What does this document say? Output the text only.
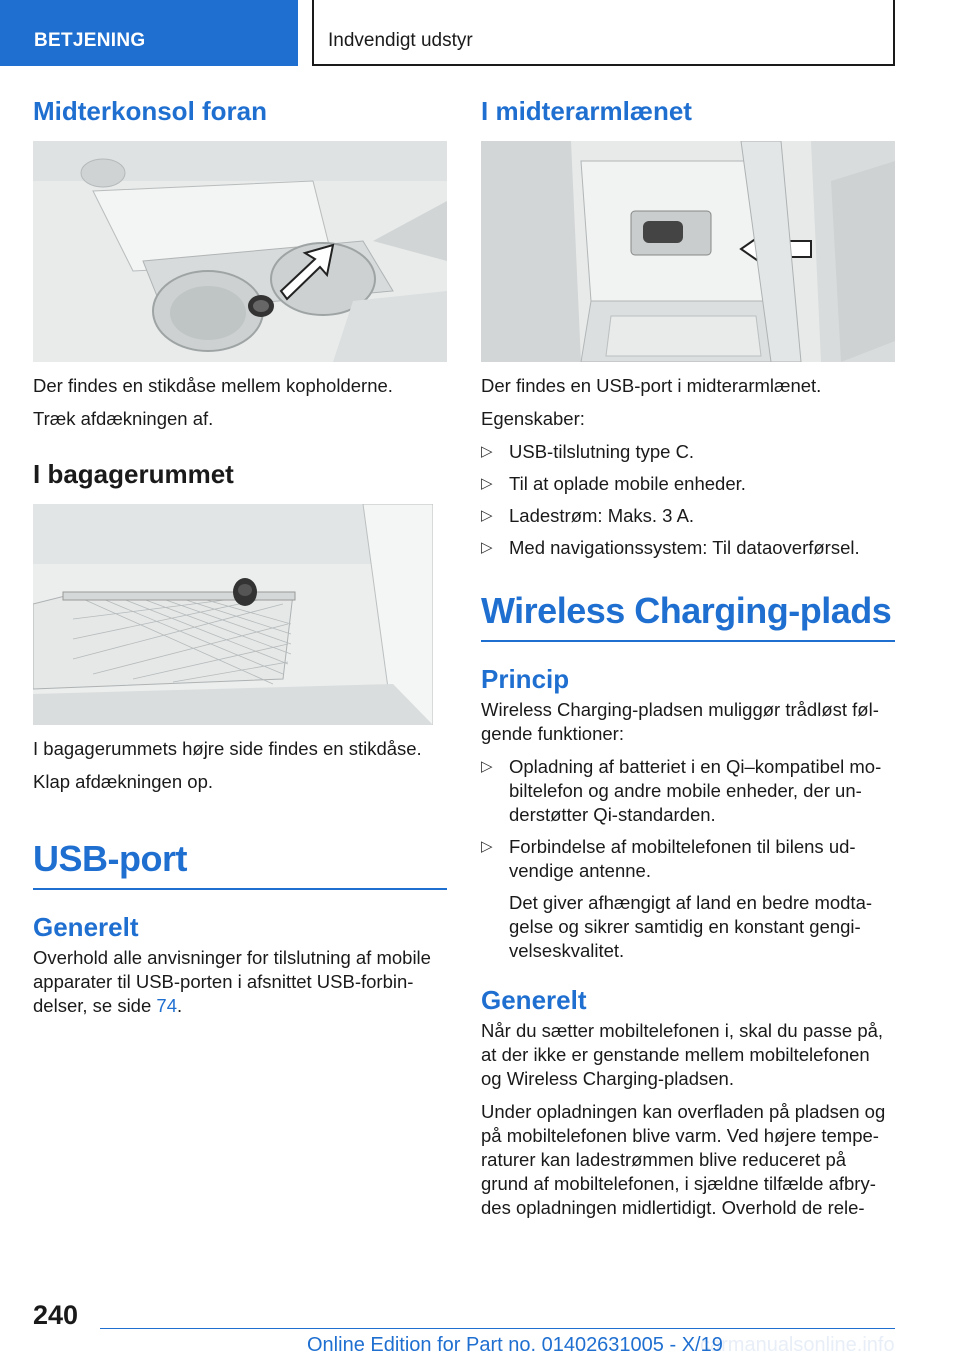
BETJENING	Indvendigt udstyr
Midterkonsol foran

Der findes en stikdåse mellem kopholderne.

Træk afdækningen af.

I bagagerummet

I bagagerummets højre side findes en stikdåse.

Klap afdækningen op.

USB-port
Generelt

Overhold alle anvisninger for tilslutning af mobile apparater til USB-porten i afsnittet USB-forbin-delser, se side 74.

I midterarmlænet

Der findes en USB-port i midterarmlænet.

Egenskaber:

▷ USB-tilslutning type C.
▷ Til at oplade mobile enheder.
▷ Ladestrøm: Maks. 3 A.
▷ Med navigationssystem: Til dataoverførsel.
Wireless Charging-plads
Princip

Wireless Charging-pladsen muliggør trådløst føl-gende funktioner:

▷ Opladning af batteriet i en Qi–kompatibel mo-biltelefon og andre mobile enheder, der un-derstøtter Qi-standarden.
▷ Forbindelse af mobiltelefonen til bilens ud-vendige antenne.
Det giver afhængigt af land en bedre modta-gelse og sikrer samtidig en konstant gengi-velseskvalitet.
Generelt

Når du sætter mobiltelefonen i, skal du passe på, at der ikke er genstande mellem mobiltelefonen og Wireless Charging-pladsen.

Under opladningen kan overfladen på pladsen og på mobiltelefonen blive varm. Ved højere tempe-raturer kan ladestrømmen blive reduceret på grund af mobiltelefonen, i sjældne tilfælde afbry-des opladningen midlertidigt. Overhold de rele-

240
carmanualsonline.info
Online Edition for Part no. 01402631005 - X/19
